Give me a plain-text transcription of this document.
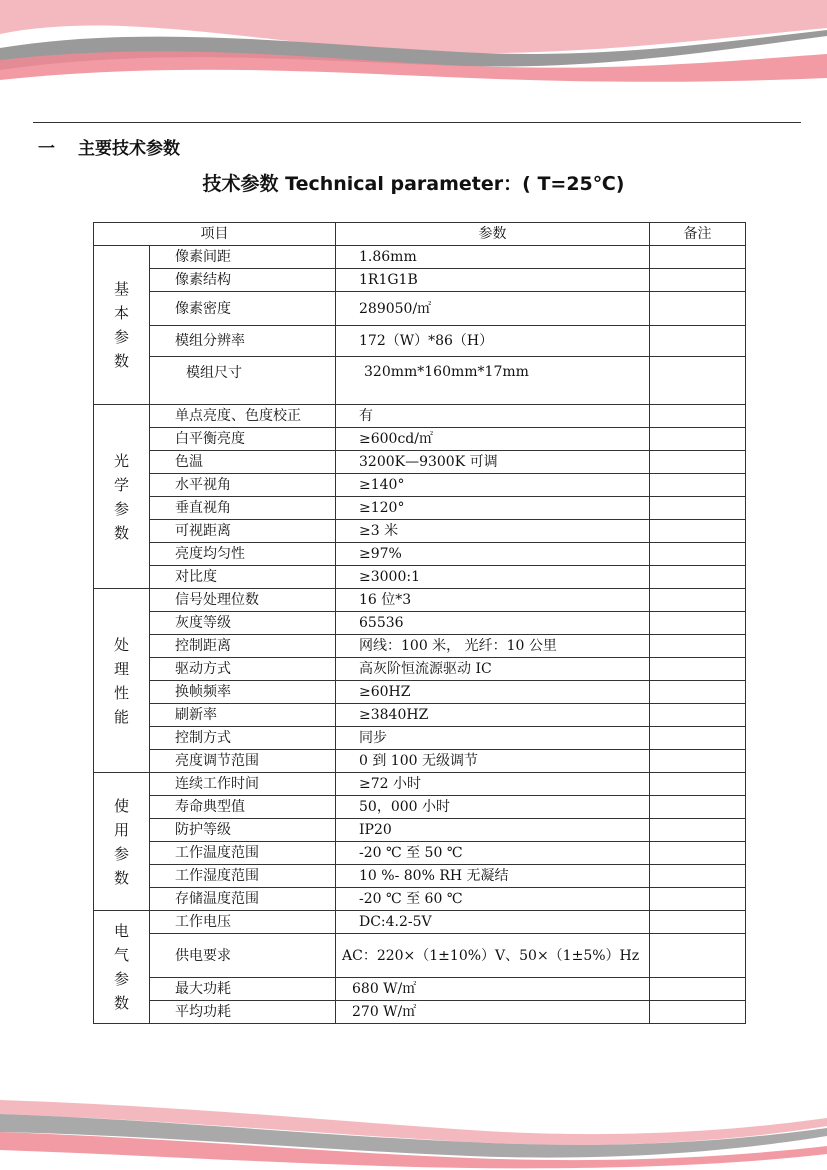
一 主要技术参数
技术参数 Technical parameter：( T=25℃)
项目		参数	备注
基本参数	像素间距	1.86mm	
	像素结构	1R1G1B	
	像素密度	289050/㎡	
	模组分辨率	172（W）*86（H）	
	模组尺寸	320mm*160mm*17mm	
光学参数	单点亮度、色度校正	有	
	白平衡亮度	≥600cd/㎡	
	色温	3200K—9300K 可调	
	水平视角	≥140°	
	垂直视角	≥120°	
	可视距离	≥3 米	
	亮度均匀性	≥97%	
	对比度	≥3000:1	
处理性能	信号处理位数	16 位*3	
	灰度等级	65536	
	控制距离	网线：100 米， 光纤：10 公里	
	驱动方式	高灰阶恒流源驱动 IC	
	换帧频率	≥60HZ	
	刷新率	≥3840HZ	
	控制方式	同步	
	亮度调节范围	0 到 100 无级调节	
使用参数	连续工作时间	≥72 小时	
	寿命典型值	50，000 小时	
	防护等级	IP20	
	工作温度范围	-20 ℃ 至 50 ℃	
	工作湿度范围	10 %- 80% RH 无凝结	
	存储温度范围	-20 ℃ 至 60 ℃	
电气参数	工作电压	DC:4.2-5V	
	供电要求	AC：220×（1±10%）V、50×（1±5%）Hz	
	最大功耗	680 W/㎡	
	平均功耗	270 W/㎡	
